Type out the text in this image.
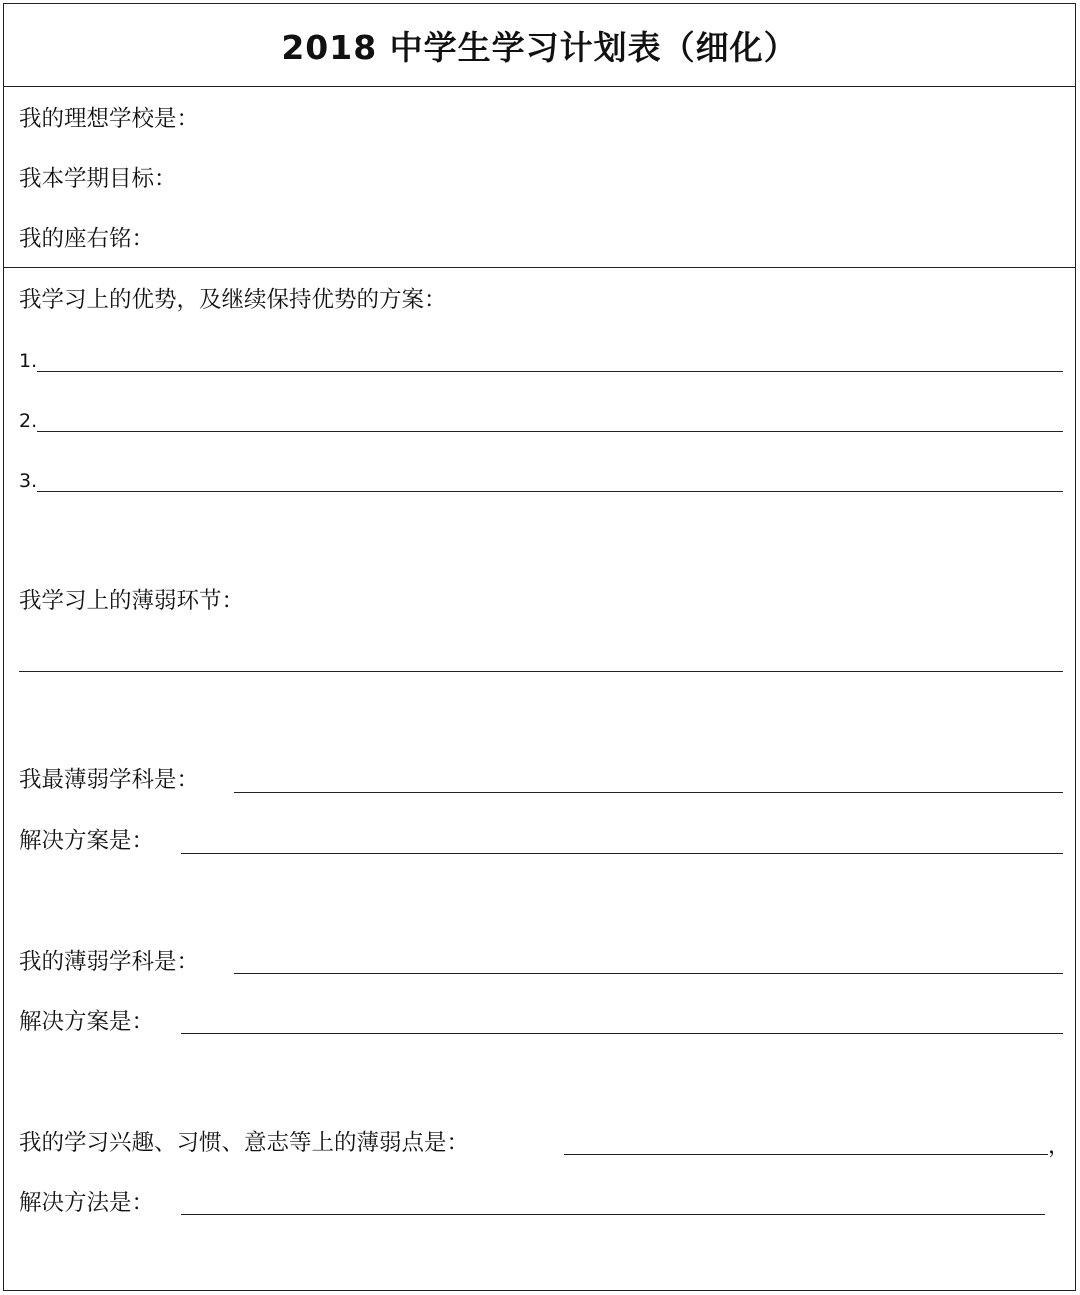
2018 中学生学习计划表（细化）
我的理想学校是：
我本学期目标：
我的座右铭：
我学习上的优势，及继续保持优势的方案：
1.
2.
3.
我学习上的薄弱环节：
我最薄弱学科是：
解决方案是：
我的薄弱学科是：
解决方案是：
我的学习兴趣、习惯、意志等上的薄弱点是：	，
解决方法是：
